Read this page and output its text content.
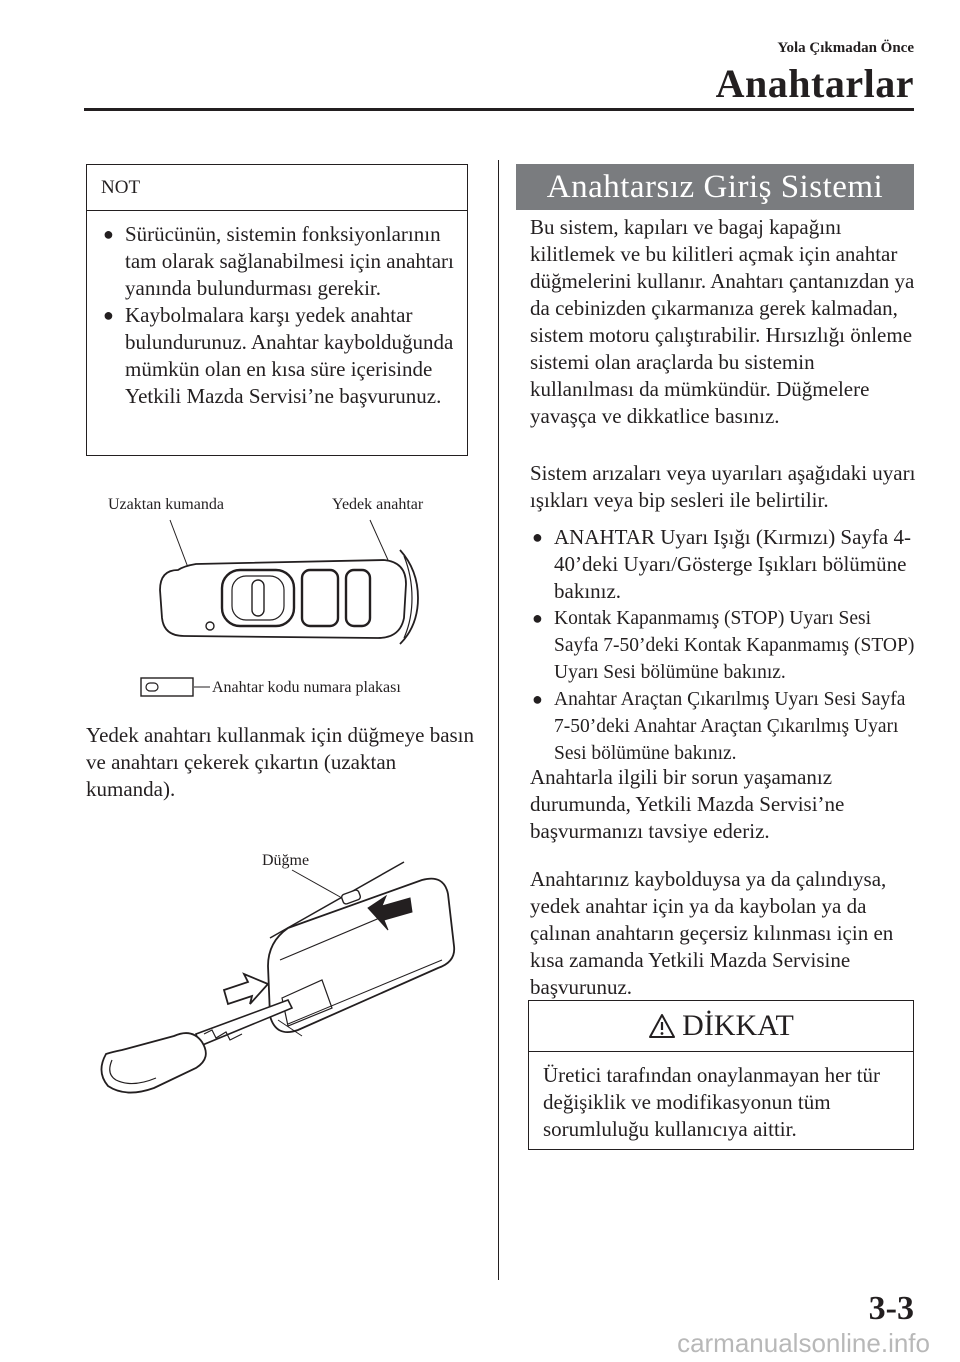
Yola Çıkmadan Önce
Anahtarlar
NOT
● Sürücünün, sistemin fonksiyonlarının tam olarak sağlanabilmesi için anahtarı yanında bulundurması gerekir.
● Kaybolmalara karşı yedek anahtar bulundurunuz. Anahtar kaybolduğunda mümkün olan en kısa süre içerisinde Yetkili Mazda Servisi’ne başvurunuz.
Uzaktan kumanda	Yedek anahtar
Anahtar kodu numara plakası

Yedek anahtarı kullanmak için düğmeye basın ve anahtarı çekerek çıkartın (uzaktan kumanda).

Düğme
Anahtarsız Giriş Sistemi

Bu sistem, kapıları ve bagaj kapağını kilitlemek ve bu kilitleri açmak için anahtar düğmelerini kullanır. Anahtarı çantanızdan ya da cebinizden çıkarmanıza gerek kalmadan, sistem motoru çalıştırabilir. Hırsızlığı önleme sistemi olan araçlarda bu sistemin kullanılması da mümkündür. Düğmelere yavaşça ve dikkatlice basınız.

Sistem arızaları veya uyarıları aşağıdaki uyarı ışıkları veya bip sesleri ile belirtilir.

● ANAHTAR Uyarı Işığı (Kırmızı) Sayfa 4-40’deki Uyarı/Gösterge Işıkları bölümüne bakınız.
● Kontak Kapanmamış (STOP) Uyarı Sesi Sayfa 7-50’deki Kontak Kapanmamış (STOP) Uyarı Sesi bölümüne bakınız.
● Anahtar Araçtan Çıkarılmış Uyarı Sesi Sayfa 7-50’deki Anahtar Araçtan Çıkarılmış Uyarı Sesi bölümüne bakınız.

Anahtarla ilgili bir sorun yaşamanız durumunda, Yetkili Mazda Servisi’ne başvurmanızı tavsiye ederiz.

Anahtarınız kaybolduysa ya da çalındıysa, yedek anahtar için ya da kaybolan ya da çalınan anahtarın geçersiz kılınması için en kısa zamanda Yetkili Mazda Servisine başvurunuz.

DİKKAT

Üretici tarafından onaylanmayan her tür değişiklik ve modifikasyonun tüm sorumluluğu kullanıcıya aittir.

3-3
carmanualsonline.info
